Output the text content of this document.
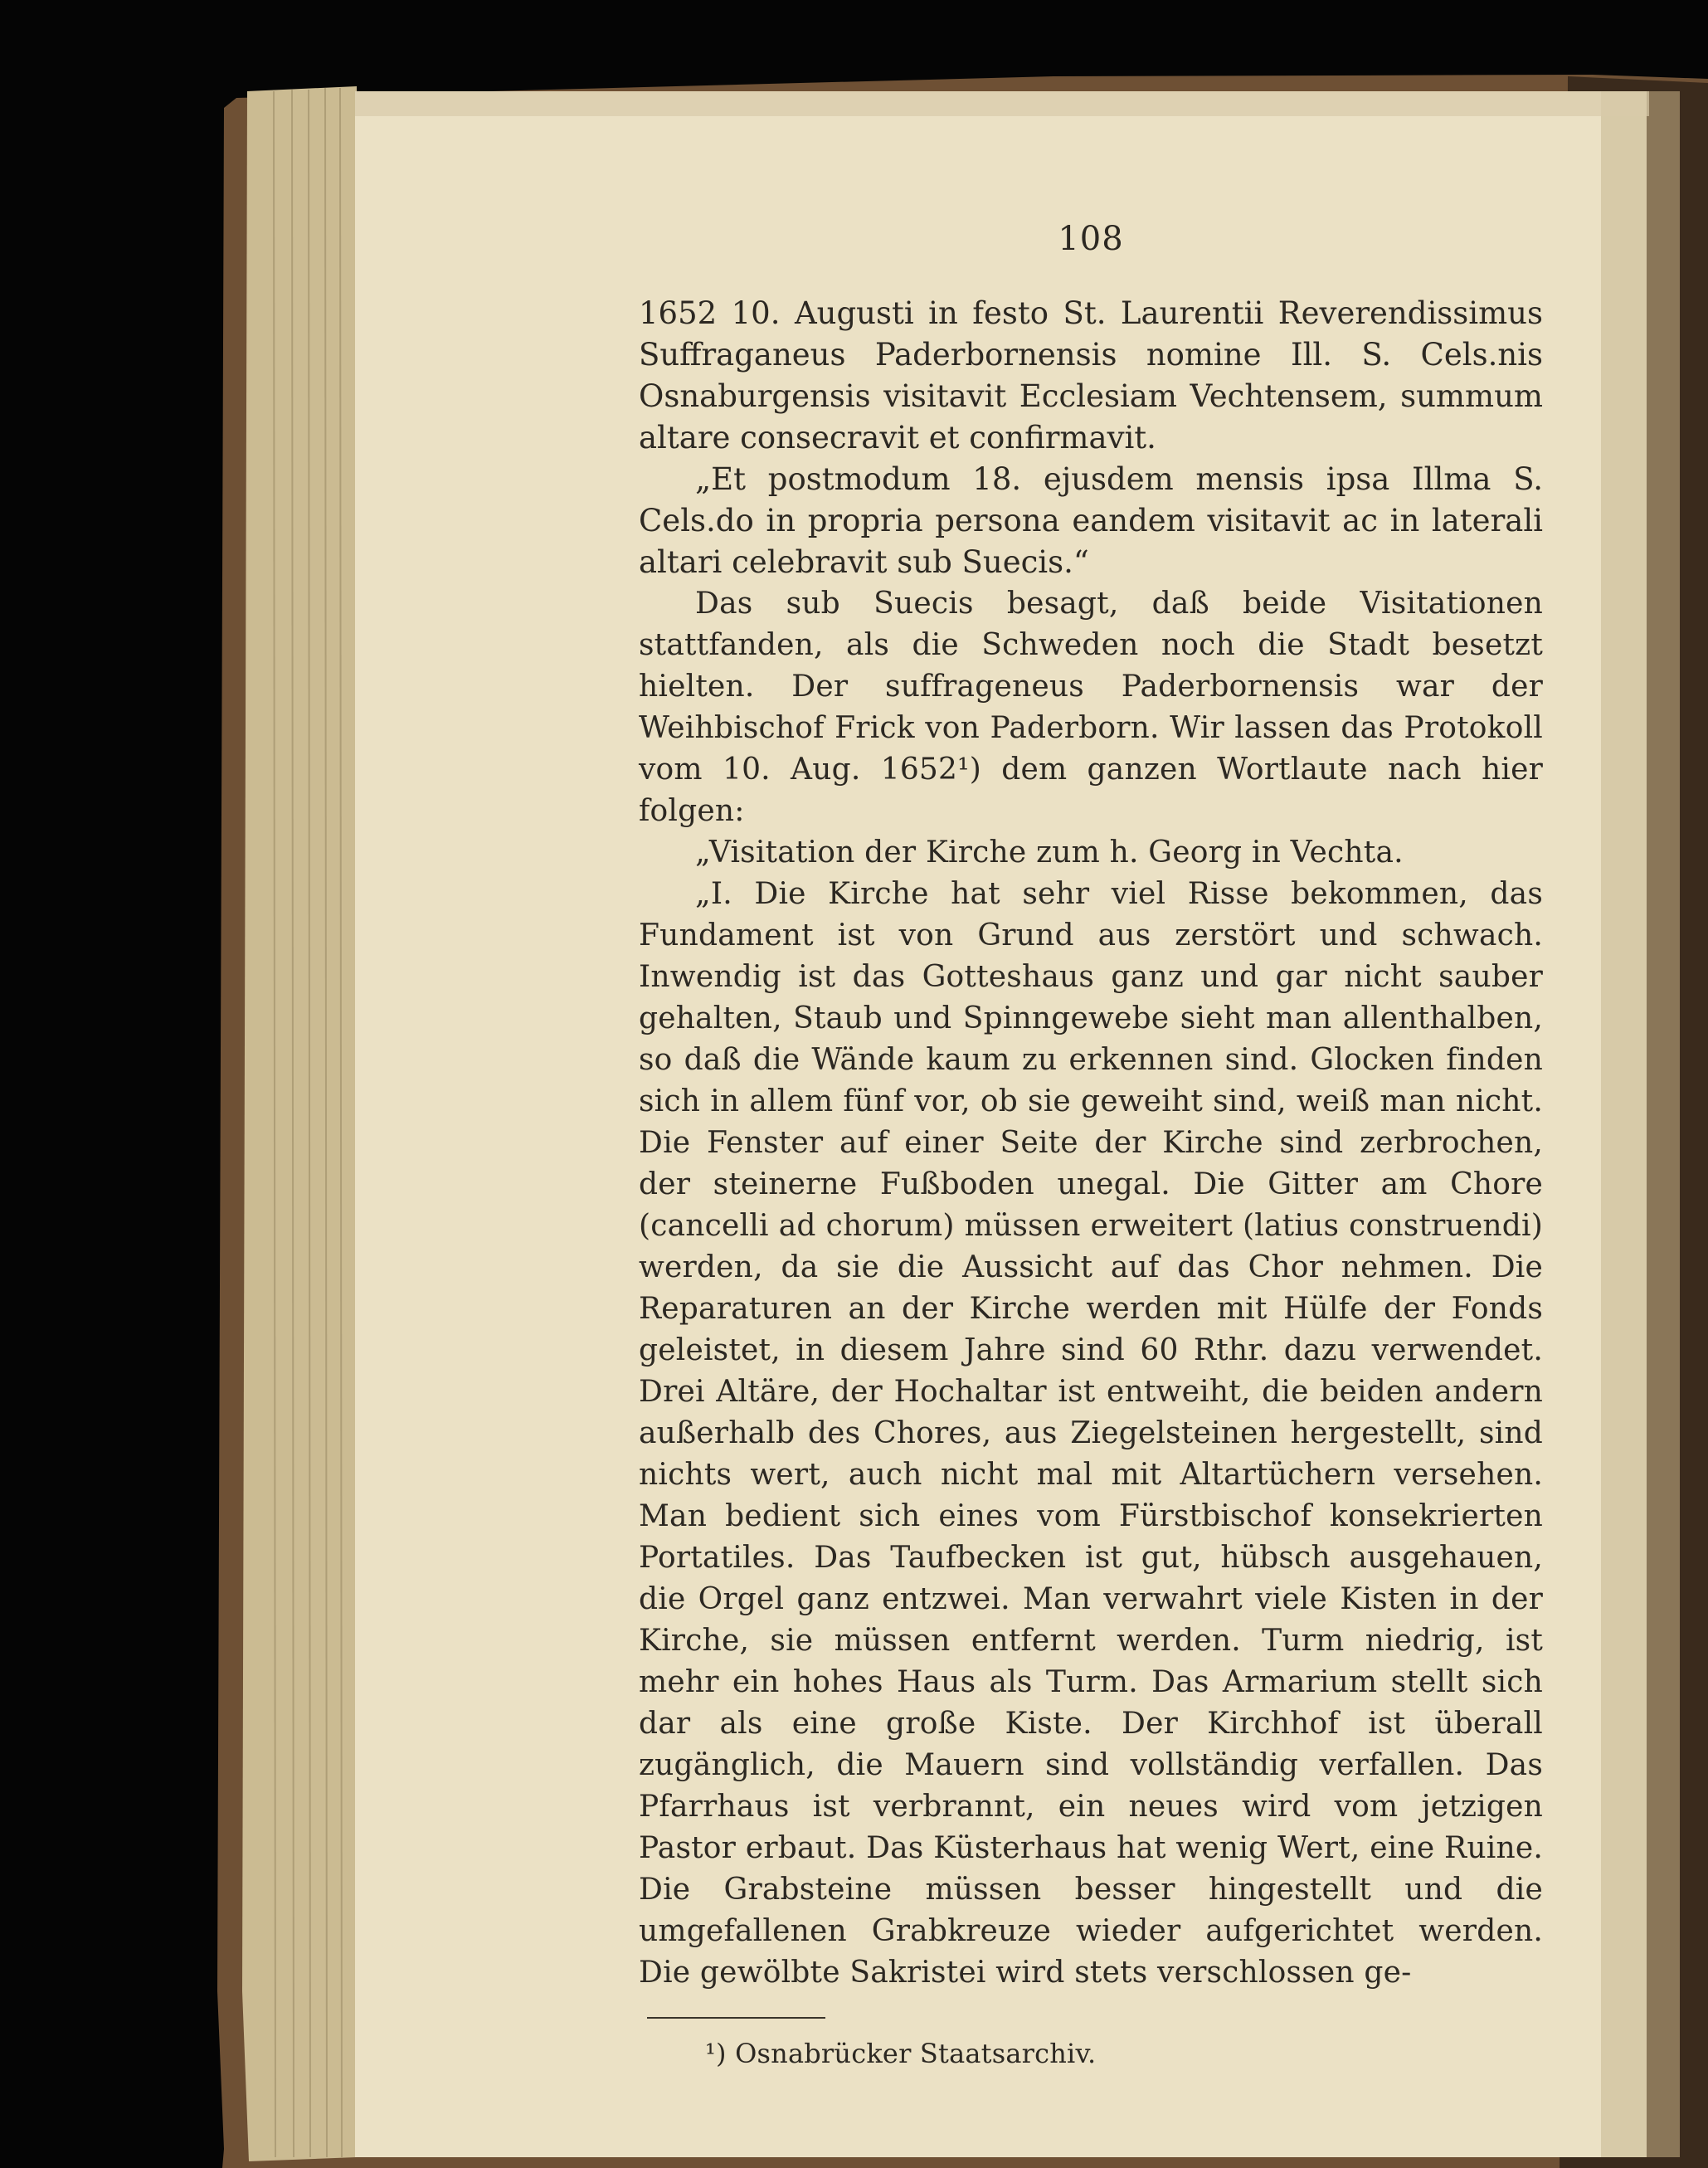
108

1652 10. Augusti in festo St. Laurentii Reverendissimus Suffraganeus Paderbornensis nomine Ill. S. Cels.nis Osnaburgensis visitavit Ecclesiam Vechtensem, summum altare consecravit et confirmavit.

„Et postmodum 18. ejusdem mensis ipsa Illma S. Cels.do in propria persona eandem visitavit ac in laterali altari celebravit sub Suecis.“

Das sub Suecis besagt, daß beide Visitationen stattfanden, als die Schweden noch die Stadt besetzt hielten. Der suffrageneus Paderbornensis war der Weihbischof Frick von Paderborn. Wir lassen das Protokoll vom 10. Aug. 1652¹) dem ganzen Wortlaute nach hier folgen:

„Visitation der Kirche zum h. Georg in Vechta.

„I. Die Kirche hat sehr viel Risse bekommen, das Fundament ist von Grund aus zerstört und schwach. Inwendig ist das Gotteshaus ganz und gar nicht sauber gehalten, Staub und Spinngewebe sieht man allenthalben, so daß die Wände kaum zu erkennen sind. Glocken finden sich in allem fünf vor, ob sie geweiht sind, weiß man nicht. Die Fenster auf einer Seite der Kirche sind zerbrochen, der steinerne Fußboden unegal. Die Gitter am Chore (cancelli ad chorum) müssen erweitert (latius construendi) werden, da sie die Aussicht auf das Chor nehmen. Die Reparaturen an der Kirche werden mit Hülfe der Fonds geleistet, in diesem Jahre sind 60 Rthr. dazu verwendet. Drei Altäre, der Hochaltar ist entweiht, die beiden andern außerhalb des Chores, aus Ziegelsteinen hergestellt, sind nichts wert, auch nicht mal mit Altartüchern versehen. Man bedient sich eines vom Fürstbischof konsekrierten Portatiles. Das Taufbecken ist gut, hübsch ausgehauen, die Orgel ganz entzwei. Man verwahrt viele Kisten in der Kirche, sie müssen entfernt werden. Turm niedrig, ist mehr ein hohes Haus als Turm. Das Armarium stellt sich dar als eine große Kiste. Der Kirchhof ist überall zugänglich, die Mauern sind vollständig verfallen. Das Pfarrhaus ist verbrannt, ein neues wird vom jetzigen Pastor erbaut. Das Küsterhaus hat wenig Wert, eine Ruine. Die Grabsteine müssen besser hingestellt und die umgefallenen Grabkreuze wieder aufgerichtet werden. Die gewölbte Sakristei wird stets verschlossen ge-

¹) Osnabrücker Staatsarchiv.
